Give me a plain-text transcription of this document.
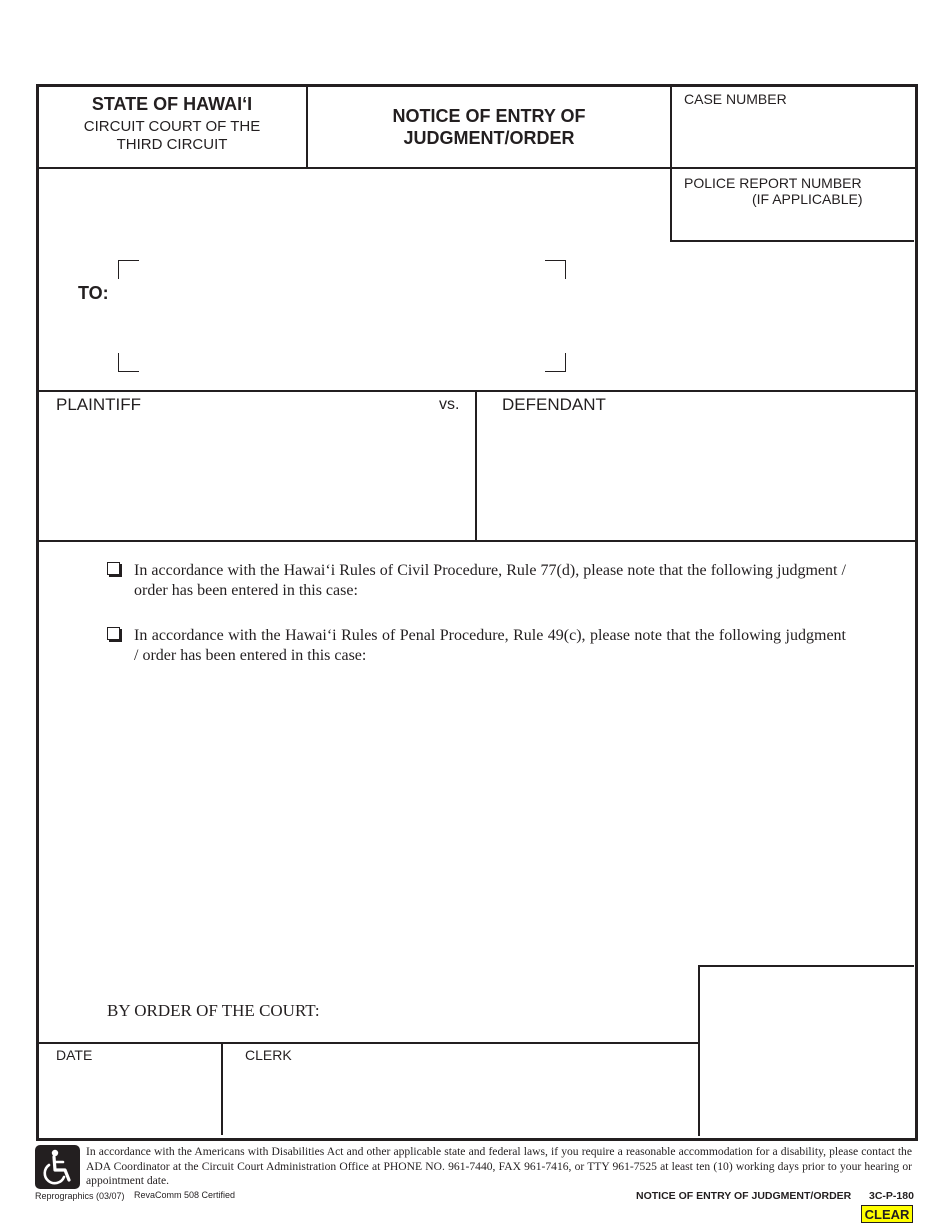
STATE OF HAWAI‘I
CIRCUIT COURT OF THE
THIRD CIRCUIT
NOTICE OF ENTRY OF
JUDGMENT/ORDER
CASE NUMBER
POLICE REPORT NUMBER
(IF APPLICABLE)
TO:
PLAINTIFF	vs.	DEFENDANT
In accordance with the Hawai‘i Rules of Civil Procedure, Rule 77(d), please note that the following judgment / order has been entered in this case:
In accordance with the Hawai‘i Rules of Penal Procedure, Rule 49(c), please note that the following judgment / order has been entered in this case:
BY ORDER OF THE COURT:
DATE	CLERK
In accordance with the Americans with Disabilities Act and other applicable state and federal laws, if you require a reasonable accommodation for a disability, please contact the ADA Coordinator at the Circuit Court Administration Office at PHONE NO. 961-7440, FAX 961-7416, or TTY 961-7525 at least ten (10) working days prior to your hearing or appointment date.
Reprographics (03/07) RevaComm 508 Certified	NOTICE OF ENTRY OF JUDGMENT/ORDER 3C-P-180
CLEAR
